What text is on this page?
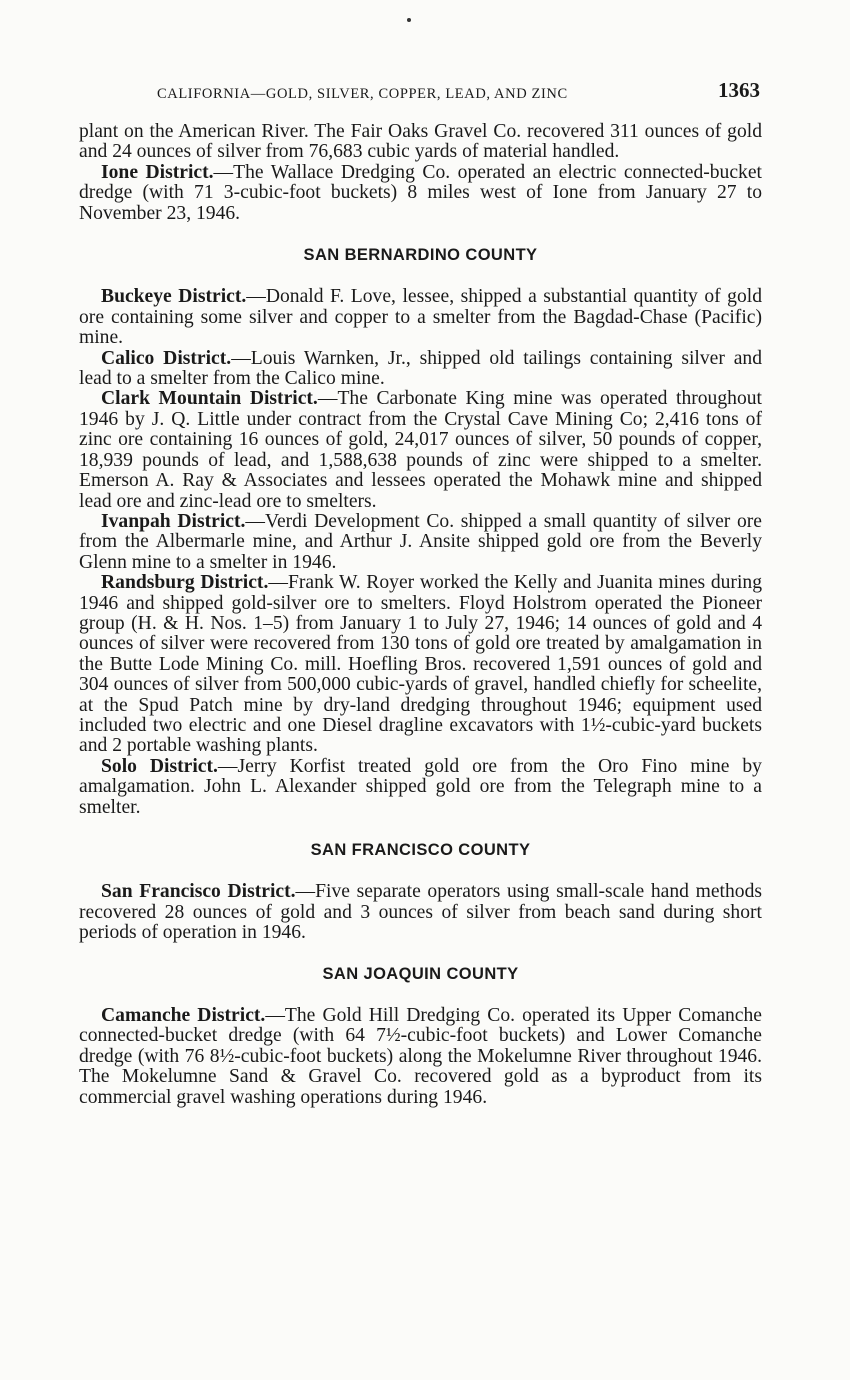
CALIFORNIA—GOLD, SILVER, COPPER, LEAD, AND ZINC	1363

plant on the American River. The Fair Oaks Gravel Co. recovered 311 ounces of gold and 24 ounces of silver from 76,683 cubic yards of material handled.

Ione District.—The Wallace Dredging Co. operated an electric connected-bucket dredge (with 71 3-cubic-foot buckets) 8 miles west of Ione from January 27 to November 23, 1946.

SAN BERNARDINO COUNTY

Buckeye District.—Donald F. Love, lessee, shipped a substantial quantity of gold ore containing some silver and copper to a smelter from the Bagdad-Chase (Pacific) mine.

Calico District.—Louis Warnken, Jr., shipped old tailings containing silver and lead to a smelter from the Calico mine.

Clark Mountain District.—The Carbonate King mine was operated throughout 1946 by J. Q. Little under contract from the Crystal Cave Mining Co; 2,416 tons of zinc ore containing 16 ounces of gold, 24,017 ounces of silver, 50 pounds of copper, 18,939 pounds of lead, and 1,588,638 pounds of zinc were shipped to a smelter. Emerson A. Ray & Associates and lessees operated the Mohawk mine and shipped lead ore and zinc-lead ore to smelters.

Ivanpah District.—Verdi Development Co. shipped a small quantity of silver ore from the Albermarle mine, and Arthur J. Ansite shipped gold ore from the Beverly Glenn mine to a smelter in 1946.

Randsburg District.—Frank W. Royer worked the Kelly and Juanita mines during 1946 and shipped gold-silver ore to smelters. Floyd Holstrom operated the Pioneer group (H. & H. Nos. 1–5) from January 1 to July 27, 1946; 14 ounces of gold and 4 ounces of silver were recovered from 130 tons of gold ore treated by amalgamation in the Butte Lode Mining Co. mill. Hoefling Bros. recovered 1,591 ounces of gold and 304 ounces of silver from 500,000 cubic-yards of gravel, handled chiefly for scheelite, at the Spud Patch mine by dry-land dredging throughout 1946; equipment used included two electric and one Diesel dragline excavators with 1½-cubic-yard buckets and 2 portable washing plants.

Solo District.—Jerry Korfist treated gold ore from the Oro Fino mine by amalgamation. John L. Alexander shipped gold ore from the Telegraph mine to a smelter.

SAN FRANCISCO COUNTY

San Francisco District.—Five separate operators using small-scale hand methods recovered 28 ounces of gold and 3 ounces of silver from beach sand during short periods of operation in 1946.

SAN JOAQUIN COUNTY

Camanche District.—The Gold Hill Dredging Co. operated its Upper Comanche connected-bucket dredge (with 64 7½-cubic-foot buckets) and Lower Comanche dredge (with 76 8½-cubic-foot buckets) along the Mokelumne River throughout 1946. The Mokelumne Sand & Gravel Co. recovered gold as a byproduct from its commercial gravel washing operations during 1946.
